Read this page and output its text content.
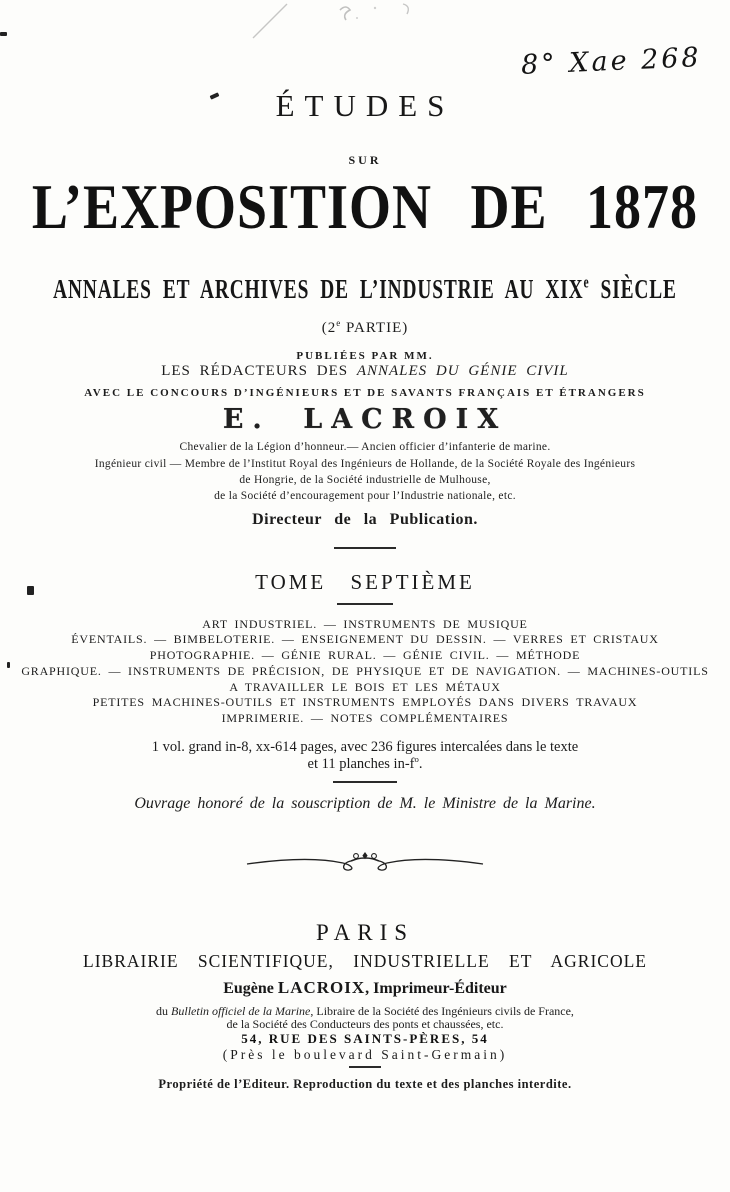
8° Xae 268
ÉTUDES
SUR
L’EXPOSITION DE 1878
ANNALES ET ARCHIVES DE L’INDUSTRIE AU XIXe SIÈCLE
(2e PARTIE)
PUBLIÉES PAR MM.
LES RÉDACTEURS DES ANNALES DU GÉNIE CIVIL
AVEC LE CONCOURS D’INGÉNIEURS ET DE SAVANTS FRANÇAIS ET ÉTRANGERS
E. LACROIX
Chevalier de la Légion d’honneur.— Ancien officier d’infanterie de marine.
Ingénieur civil — Membre de l’Institut Royal des Ingénieurs de Hollande, de la Société Royale des Ingénieurs
de Hongrie, de la Société industrielle de Mulhouse,
de la Société d’encouragement pour l’Industrie nationale, etc.
Directeur de la Publication.
TOME SEPTIÈME
ART INDUSTRIEL. — INSTRUMENTS DE MUSIQUE
ÉVENTAILS. — BIMBELOTERIE. — ENSEIGNEMENT DU DESSIN. — VERRES ET CRISTAUX
PHOTOGRAPHIE. — GÉNIE RURAL. — GÉNIE CIVIL. — MÉTHODE
GRAPHIQUE. — INSTRUMENTS DE PRÉCISION, DE PHYSIQUE ET DE NAVIGATION. — MACHINES-OUTILS
A TRAVAILLER LE BOIS ET LES MÉTAUX
PETITES MACHINES-OUTILS ET INSTRUMENTS EMPLOYÉS DANS DIVERS TRAVAUX
IMPRIMERIE. — NOTES COMPLÉMENTAIRES
1 vol. grand in-8, xx-614 pages, avec 236 figures intercalées dans le texte
et 11 planches $in-f^o$.
Ouvrage honoré de la souscription de M. le Ministre de la Marine.
PARIS
LIBRAIRIE SCIENTIFIQUE, INDUSTRIELLE ET AGRICOLE
Eugène LACROIX, Imprimeur-Éditeur
du Bulletin officiel de la Marine, Libraire de la Société des Ingénieurs civils de France,
de la Société des Conducteurs des ponts et chaussées, etc.
54, RUE DES SAINTS-PÈRES, 54
(Près le boulevard Saint-Germain)
Propriété de l’Editeur. Reproduction du texte et des planches interdite.
